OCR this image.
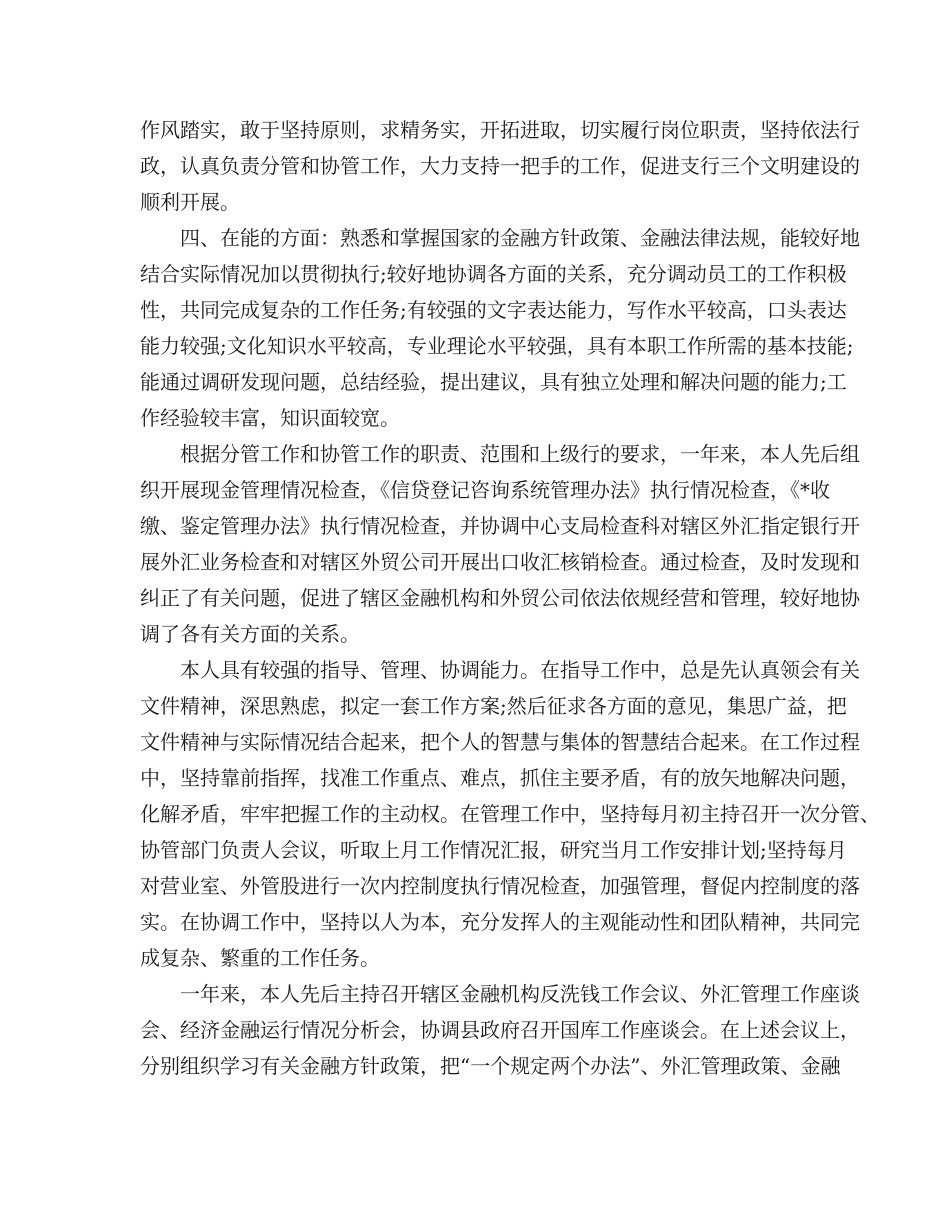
作风踏实，敢于坚持原则，求精务实，开拓进取，切实履行岗位职责，坚持依法行
政，认真负责分管和协管工作，大力支持一把手的工作，促进支行三个文明建设的
顺利开展。
四、在能的方面：熟悉和掌握国家的金融方针政策、金融法律法规，能较好地
结合实际情况加以贯彻执行;较好地协调各方面的关系，充分调动员工的工作积极
性，共同完成复杂的工作任务;有较强的文字表达能力，写作水平较高，口头表达
能力较强;文化知识水平较高，专业理论水平较强，具有本职工作所需的基本技能;
能通过调研发现问题，总结经验，提出建议，具有独立处理和解决问题的能力;工
作经验较丰富，知识面较宽。
根据分管工作和协管工作的职责、范围和上级行的要求，一年来，本人先后组
织开展现金管理情况检查，《信贷登记咨询系统管理办法》执行情况检查，《*收
缴、鉴定管理办法》执行情况检查，并协调中心支局检查科对辖区外汇指定银行开
展外汇业务检查和对辖区外贸公司开展出口收汇核销检查。通过检查，及时发现和
纠正了有关问题，促进了辖区金融机构和外贸公司依法依规经营和管理，较好地协
调了各有关方面的关系。
本人具有较强的指导、管理、协调能力。在指导工作中，总是先认真领会有关
文件精神，深思熟虑，拟定一套工作方案;然后征求各方面的意见，集思广益，把
文件精神与实际情况结合起来，把个人的智慧与集体的智慧结合起来。在工作过程
中，坚持靠前指挥，找准工作重点、难点，抓住主要矛盾，有的放矢地解决问题，
化解矛盾，牢牢把握工作的主动权。在管理工作中，坚持每月初主持召开一次分管、
协管部门负责人会议，听取上月工作情况汇报，研究当月工作安排计划;坚持每月
对营业室、外管股进行一次内控制度执行情况检查，加强管理，督促内控制度的落
实。在协调工作中，坚持以人为本，充分发挥人的主观能动性和团队精神，共同完
成复杂、繁重的工作任务。
一年来，本人先后主持召开辖区金融机构反洗钱工作会议、外汇管理工作座谈
会、经济金融运行情况分析会，协调县政府召开国库工作座谈会。在上述会议上，
分别组织学习有关金融方针政策，把“一个规定两个办法”、外汇管理政策、金融
